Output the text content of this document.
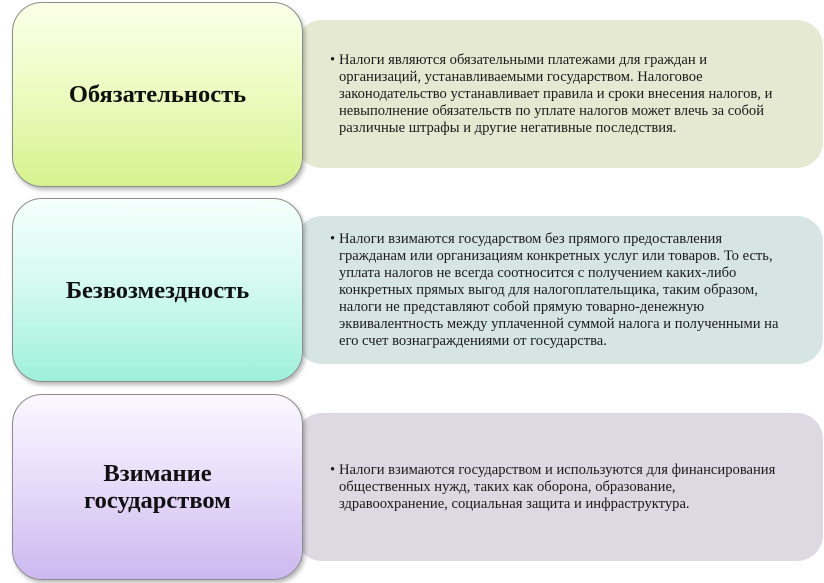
• Налоги являются обязательными платежами для граждан и организаций, устанавливаемыми государством. Налоговое законодательство устанавливает правила и сроки внесения налогов, и невыполнение обязательств по уплате налогов может влечь за собой различные штрафы и другие негативные последствия.
Обязательность
• Налоги взимаются государством без прямого предоставления гражданам или организациям конкретных услуг или товаров. То есть, уплата налогов не всегда соотносится с получением каких-либо конкретных прямых выгод для налогоплательщика, таким образом, налоги не представляют собой прямую товарно-денежную эквивалентность между уплаченной суммой налога и полученными на его счет вознаграждениями от государства.
Безвозмездность
• Налоги взимаются государством и используются для финансирования общественных нужд, таких как оборона, образование, здравоохранение, социальная защита и инфраструктура.
Взимание государством
